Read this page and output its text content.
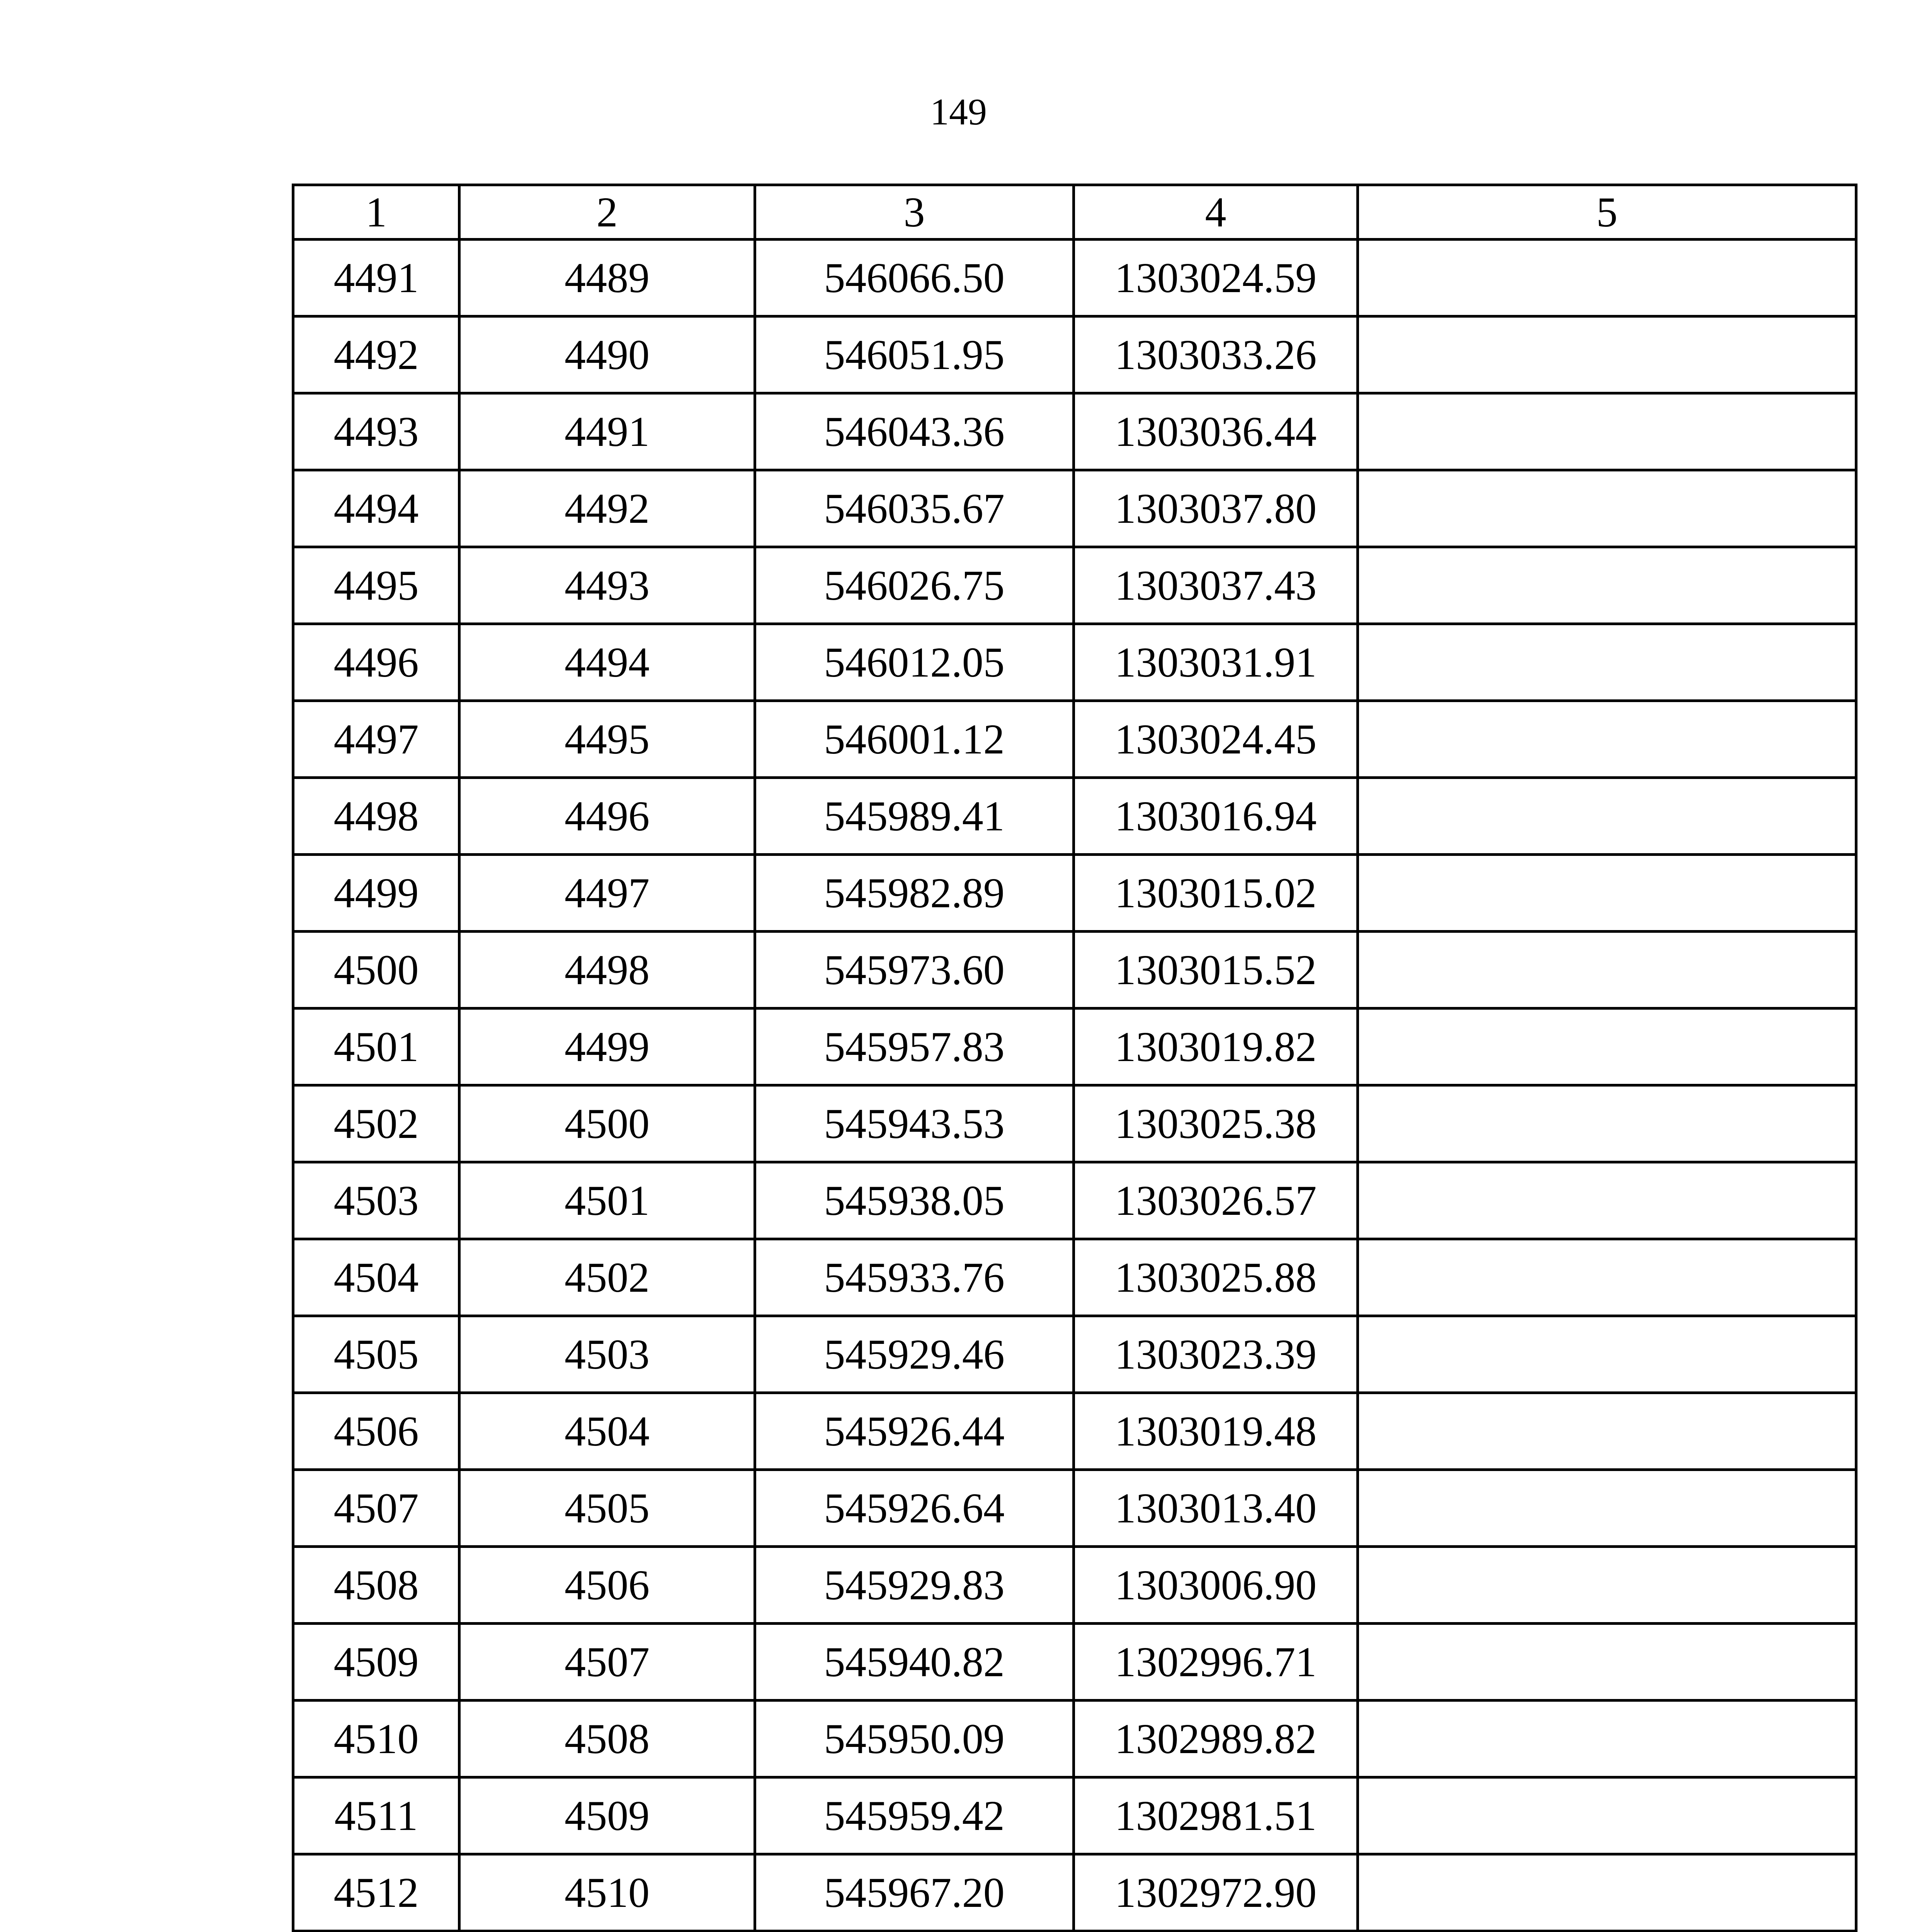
149
1	2	3	4	5
4491	4489	546066.50	1303024.59	
4492	4490	546051.95	1303033.26	
4493	4491	546043.36	1303036.44	
4494	4492	546035.67	1303037.80	
4495	4493	546026.75	1303037.43	
4496	4494	546012.05	1303031.91	
4497	4495	546001.12	1303024.45	
4498	4496	545989.41	1303016.94	
4499	4497	545982.89	1303015.02	
4500	4498	545973.60	1303015.52	
4501	4499	545957.83	1303019.82	
4502	4500	545943.53	1303025.38	
4503	4501	545938.05	1303026.57	
4504	4502	545933.76	1303025.88	
4505	4503	545929.46	1303023.39	
4506	4504	545926.44	1303019.48	
4507	4505	545926.64	1303013.40	
4508	4506	545929.83	1303006.90	
4509	4507	545940.82	1302996.71	
4510	4508	545950.09	1302989.82	
4511	4509	545959.42	1302981.51	
4512	4510	545967.20	1302972.90	
